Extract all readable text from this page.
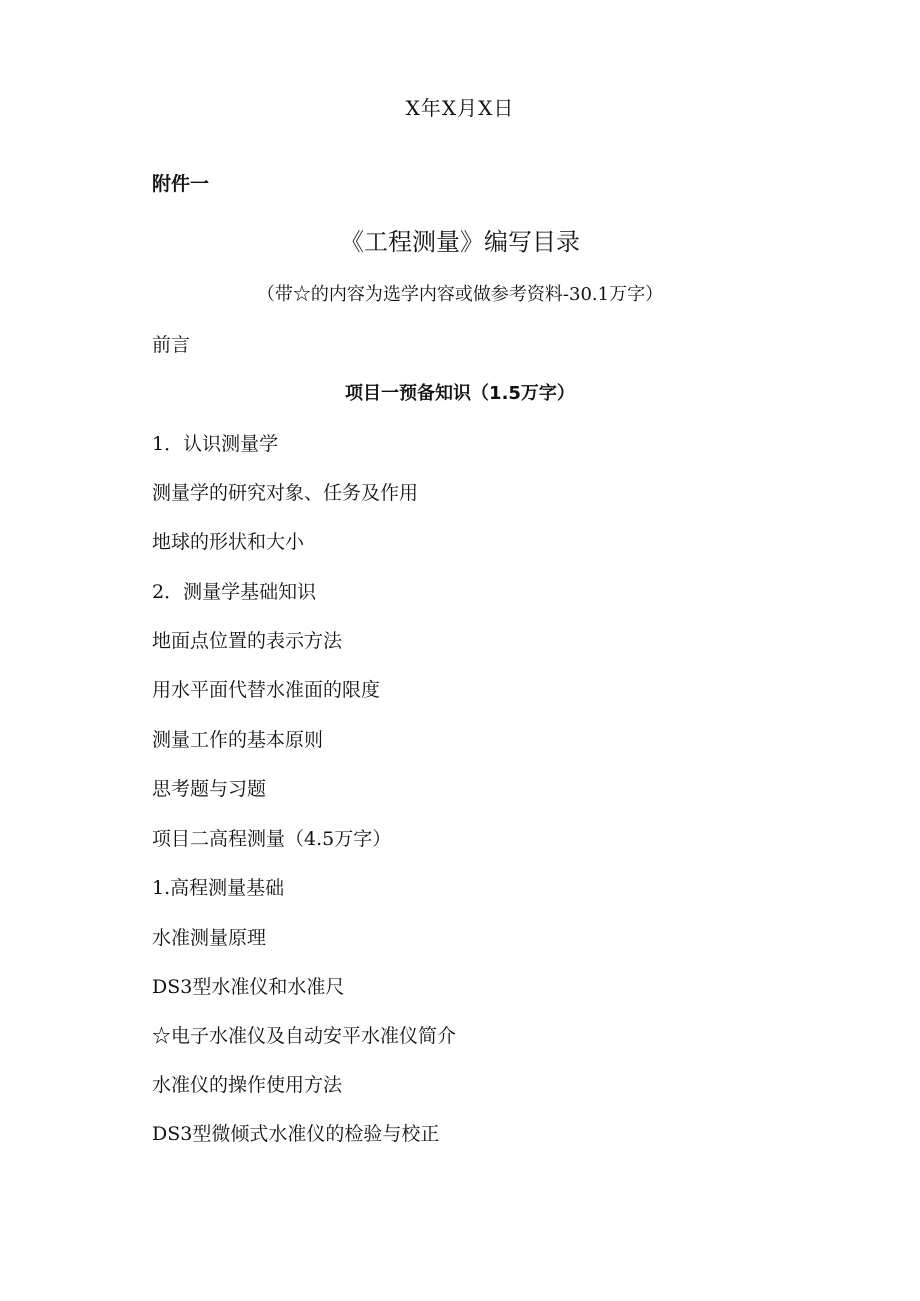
X年X月X日
附件一
《工程测量》编写目录
（带☆的内容为选学内容或做参考资料-30.1万字）
前言
项目一预备知识（1.5万字）
1．认识测量学
测量学的研究对象、任务及作用
地球的形状和大小
2．测量学基础知识
地面点位置的表示方法
用水平面代替水准面的限度
测量工作的基本原则
思考题与习题
项目二高程测量（4.5万字）
1.高程测量基础
水准测量原理
DS3型水准仪和水准尺
☆电子水准仪及自动安平水准仪简介
水准仪的操作使用方法
DS3型微倾式水准仪的检验与校正
